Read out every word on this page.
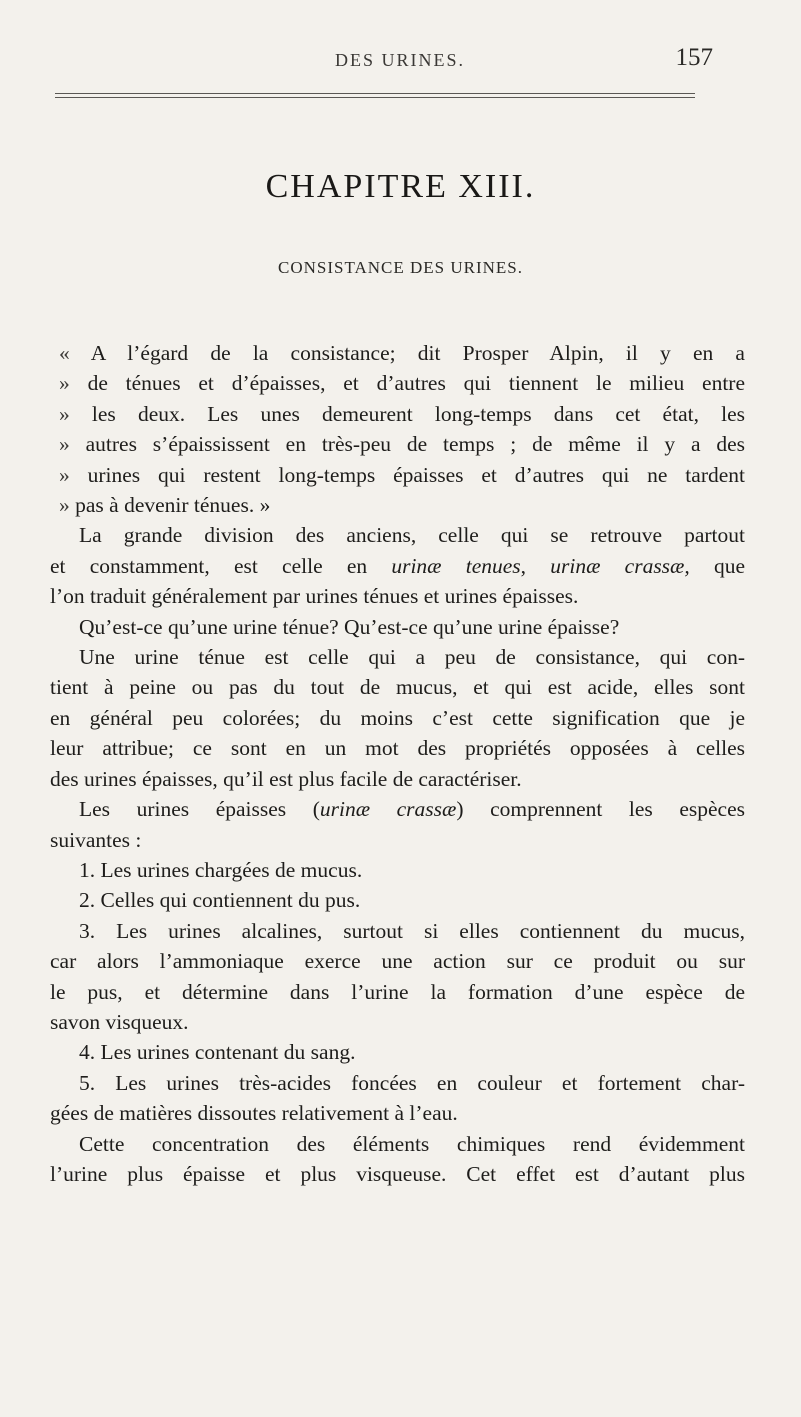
DES URINES.	157
CHAPITRE XIII.
CONSISTANCE DES URINES.
« A l’égard de la consistance; dit Prosper Alpin, il y en a
» de ténues et d’épaisses, et d’autres qui tiennent le milieu entre
» les deux. Les unes demeurent long-temps dans cet état, les
» autres s’épaississent en très-peu de temps ; de même il y a des
» urines qui restent long-temps épaisses et d’autres qui ne tardent
» pas à devenir ténues. »
La grande division des anciens, celle qui se retrouve partout
et constamment, est celle en urinæ tenues, urinæ crassæ, que
l’on traduit généralement par urines ténues et urines épaisses.
Qu’est-ce qu’une urine ténue? Qu’est-ce qu’une urine épaisse?
Une urine ténue est celle qui a peu de consistance, qui con-
tient à peine ou pas du tout de mucus, et qui est acide, elles sont
en général peu colorées; du moins c’est cette signification que je
leur attribue; ce sont en un mot des propriétés opposées à celles
des urines épaisses, qu’il est plus facile de caractériser.
Les urines épaisses (urinæ crassæ) comprennent les espèces
suivantes :
1. Les urines chargées de mucus.
2. Celles qui contiennent du pus.
3. Les urines alcalines, surtout si elles contiennent du mucus,
car alors l’ammoniaque exerce une action sur ce produit ou sur
le pus, et détermine dans l’urine la formation d’une espèce de
savon visqueux.
4. Les urines contenant du sang.
5. Les urines très-acides foncées en couleur et fortement char-
gées de matières dissoutes relativement à l’eau.
Cette concentration des éléments chimiques rend évidemment
l’urine plus épaisse et plus visqueuse. Cet effet est d’autant plus
